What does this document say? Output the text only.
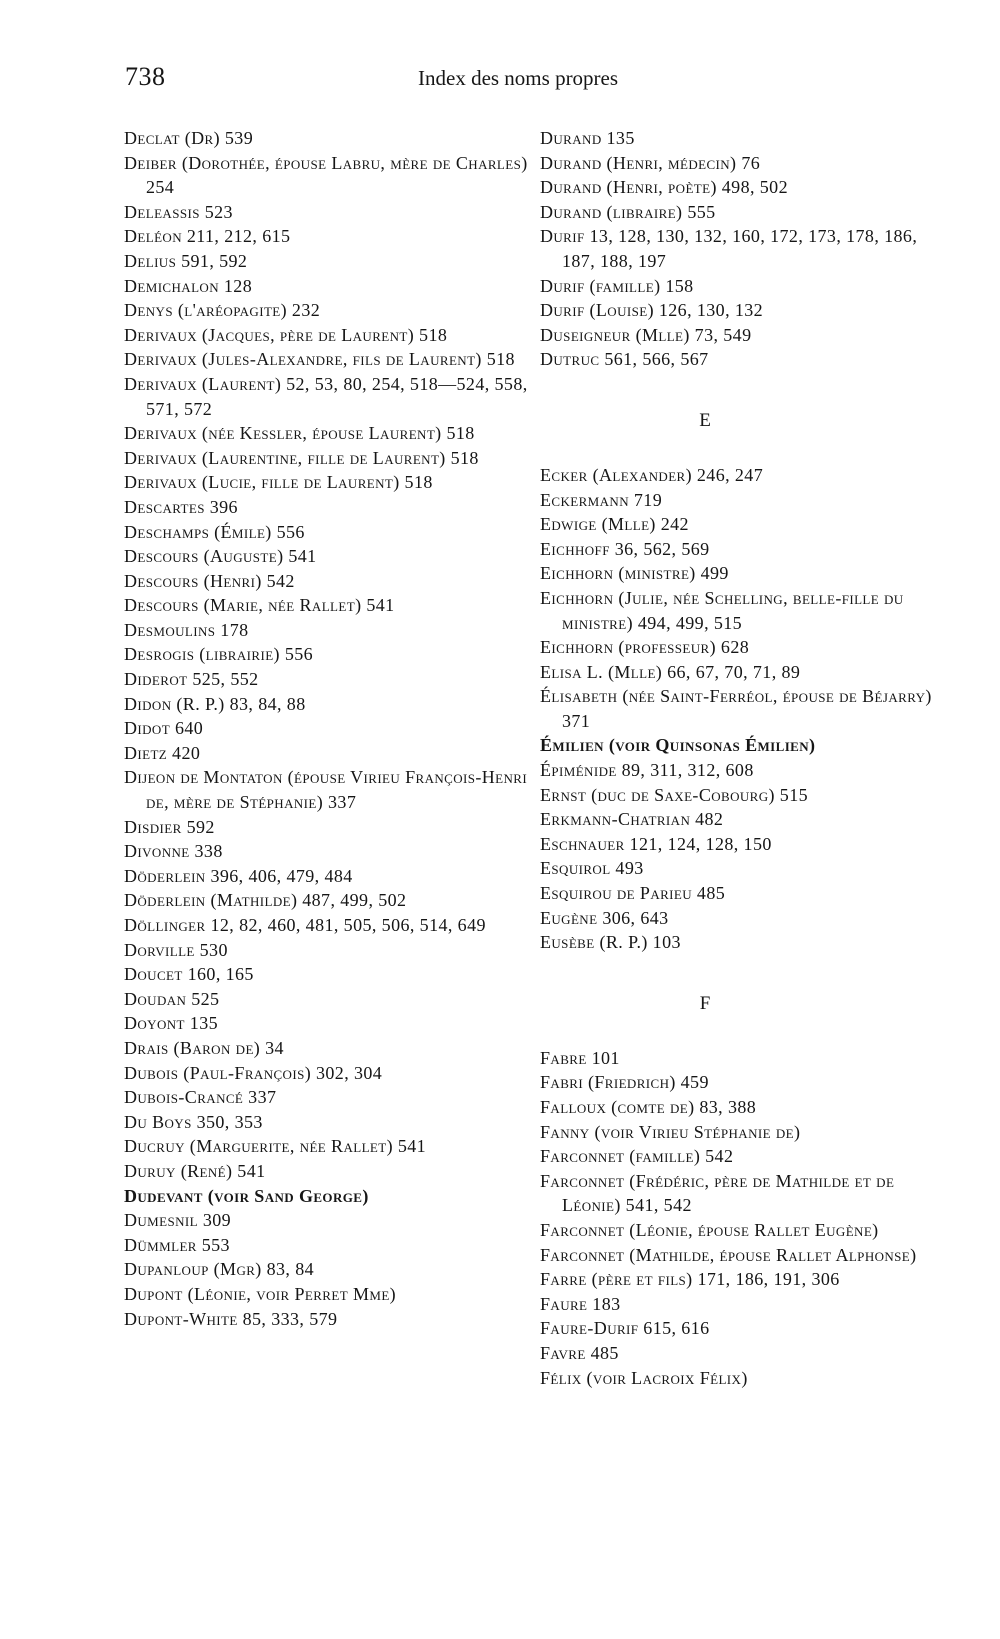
738	Index des noms propres
Declat (Dr) 539
Deiber (Dorothée, épouse Labru, mère de Charles) 254
Deleassis 523
Deléon 211, 212, 615
Delius 591, 592
Demichalon 128
Denys (l'aréopagite) 232
Derivaux (Jacques, père de Laurent) 518
Derivaux (Jules-Alexandre, fils de Laurent) 518
Derivaux (Laurent) 52, 53, 80, 254, 518—524, 558, 571, 572
Derivaux (née Kessler, épouse Laurent) 518
Derivaux (Laurentine, fille de Laurent) 518
Derivaux (Lucie, fille de Laurent) 518
Descartes 396
Deschamps (Émile) 556
Descours (Auguste) 541
Descours (Henri) 542
Descours (Marie, née Rallet) 541
Desmoulins 178
Desrogis (librairie) 556
Diderot 525, 552
Didon (R. P.) 83, 84, 88
Didot 640
Dietz 420
Dijeon de Montaton (épouse Virieu François-Henri de, mère de Stéphanie) 337
Disdier 592
Divonne 338
Döderlein 396, 406, 479, 484
Döderlein (Mathilde) 487, 499, 502
Döllinger 12, 82, 460, 481, 505, 506, 514, 649
Dorville 530
Doucet 160, 165
Doudan 525
Doyont 135
Drais (Baron de) 34
Dubois (Paul-François) 302, 304
Dubois-Crancé 337
Du Boys 350, 353
Ducruy (Marguerite, née Rallet) 541
Duruy (René) 541
Dudevant (voir Sand George)
Dumesnil 309
Dümmler 553
Dupanloup (Mgr) 83, 84
Dupont (Léonie, voir Perret Mme)
Dupont-White 85, 333, 579
Durand 135
Durand (Henri, médecin) 76
Durand (Henri, poète) 498, 502
Durand (libraire) 555
Durif 13, 128, 130, 132, 160, 172, 173, 178, 186, 187, 188, 197
Durif (famille) 158
Durif (Louise) 126, 130, 132
Duseigneur (Mlle) 73, 549
Dutruc 561, 566, 567
E
Ecker (Alexander) 246, 247
Eckermann 719
Edwige (Mlle) 242
Eichhoff 36, 562, 569
Eichhorn (ministre) 499
Eichhorn (Julie, née Schelling, belle-fille du ministre) 494, 499, 515
Eichhorn (professeur) 628
Elisa L. (Mlle) 66, 67, 70, 71, 89
Élisabeth (née Saint-Ferréol, épouse de Béjarry) 371
Émilien (voir Quinsonas Émilien)
Épiménide 89, 311, 312, 608
Ernst (duc de Saxe-Cobourg) 515
Erkmann-Chatrian 482
Eschnauer 121, 124, 128, 150
Esquirol 493
Esquirou de Parieu 485
Eugène 306, 643
Eusèbe (R. P.) 103
F
Fabre 101
Fabri (Friedrich) 459
Falloux (comte de) 83, 388
Fanny (voir Virieu Stéphanie de)
Farconnet (famille) 542
Farconnet (Frédéric, père de Mathilde et de Léonie) 541, 542
Farconnet (Léonie, épouse Rallet Eugène)
Farconnet (Mathilde, épouse Rallet Alphonse)
Farre (père et fils) 171, 186, 191, 306
Faure 183
Faure-Durif 615, 616
Favre 485
Félix (voir Lacroix Félix)
